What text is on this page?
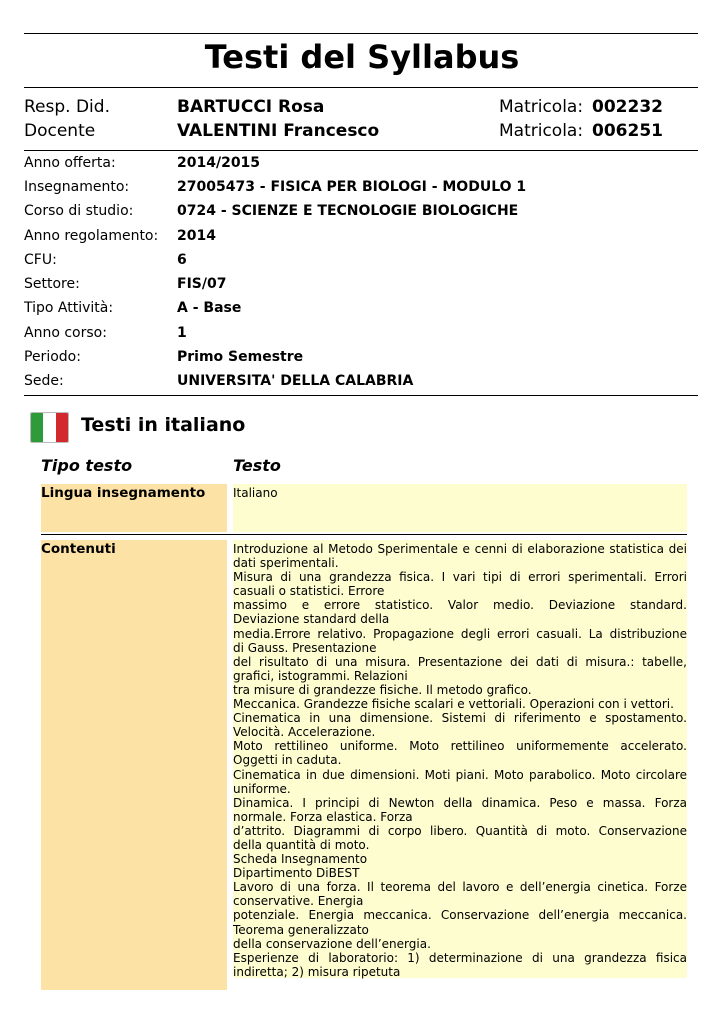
Testi del Syllabus
Resp. Did.	BARTUCCI Rosa	Matricola: 002232
Docente	VALENTINI Francesco	Matricola: 006251
Anno offerta:	2014/2015
Insegnamento:	27005473 - FISICA PER BIOLOGI - MODULO 1
Corso di studio:	0724 - SCIENZE E TECNOLOGIE BIOLOGICHE
Anno regolamento: 2014
CFU:	6
Settore:	FIS/07
Tipo Attività:	A - Base
Anno corso:	1
Periodo:	Primo Semestre
Sede:	UNIVERSITA' DELLA CALABRIA
Testi in italiano
Tipo testo	Testo
Lingua insegnamento	Italiano
Contenuti	Introduzione al Metodo Sperimentale e cenni di elaborazione statistica dei
dati sperimentali.
Misura di una grandezza fisica. I vari tipi di errori sperimentali. Errori
casuali o statistici. Errore
massimo e errore statistico. Valor medio. Deviazione standard.
Deviazione standard della
media.Errore relativo. Propagazione degli errori casuali. La distribuzione
di Gauss. Presentazione
del risultato di una misura. Presentazione dei dati di misura.: tabelle,
grafici, istogrammi. Relazioni
tra misure di grandezze fisiche. Il metodo grafico.
Meccanica. Grandezze fisiche scalari e vettoriali. Operazioni con i vettori.
Cinematica in una dimensione. Sistemi di riferimento e spostamento.
Velocità. Accelerazione.
Moto rettilineo uniforme. Moto rettilineo uniformemente accelerato.
Oggetti in caduta.
Cinematica in due dimensioni. Moti piani. Moto parabolico. Moto circolare
uniforme.
Dinamica. I principi di Newton della dinamica. Peso e massa. Forza
normale. Forza elastica. Forza
d’attrito. Diagrammi di corpo libero. Quantità di moto. Conservazione
della quantità di moto.
Scheda Insegnamento
Dipartimento DiBEST
Lavoro di una forza. Il teorema del lavoro e dell’energia cinetica. Forze
conservative. Energia
potenziale. Energia meccanica. Conservazione dell’energia meccanica.
Teorema generalizzato
della conservazione dell’energia.
Esperienze di laboratorio: 1) determinazione di una grandezza fisica
indiretta; 2) misura ripetuta
